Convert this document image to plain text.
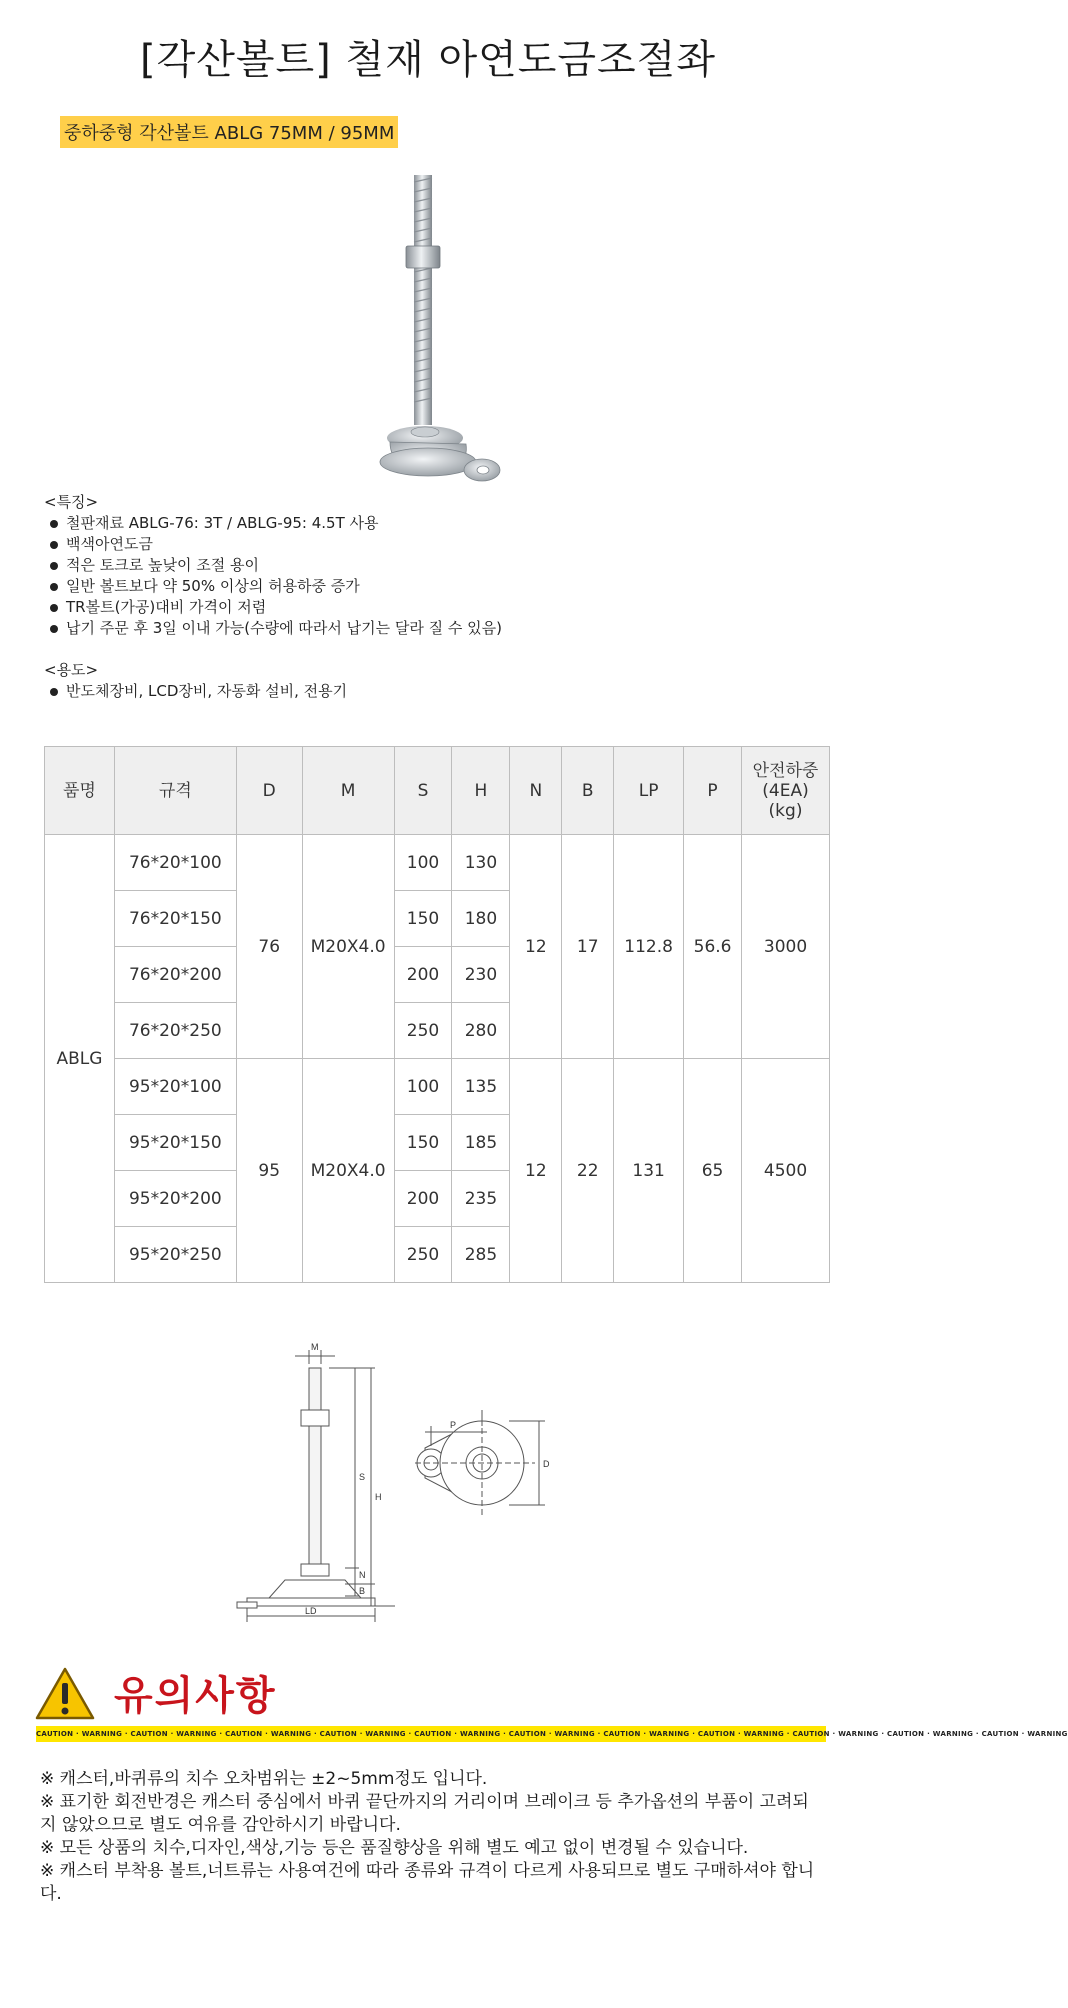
[각산볼트] 철재 아연도금조절좌
중하중형 각산볼트 ABLG 75MM / 95MM
<특징>
철판재료 ABLG-76: 3T / ABLG-95: 4.5T 사용
백색아연도금
적은 토크로 높낮이 조절 용이
일반 볼트보다 약 50% 이상의 허용하중 증가
TR볼트(가공)대비 가격이 저렴
납기 주문 후 3일 이내 가능(수량에 따라서 납기는 달라 질 수 있음)
<용도>
반도체장비, LCD장비, 자동화 설비, 전용기
품명	규격	D	M	S	H	N	B	LP	P	안전하중(4EA)(kg)
ABLG	76*20*100	76	M20X4.0	100	130	12	17	112.8	56.6	3000
	76*20*150			150	180					
	76*20*200			200	230					
	76*20*250			250	280					
	95*20*100	95	M20X4.0	100	135	12	22	131	65	4500
	95*20*150			150	185					
	95*20*200			200	235					
	95*20*250			250	285					
M
S
H
N
B
LD
P
D
유의사항
CAUTION · WARNING · CAUTION · WARNING · CAUTION · WARNING · CAUTION · WARNING · CAUTION · WARNING · CAUTION · WARNING · CAUTION · WARNING · CAUTION · WARNING · CAUTION · WARNING · CAUTION · WARNING · CAUTION · WARNING

※ 캐스터,바퀴류의 치수 오차범위는 ±2~5mm정도 입니다.

※ 표기한 회전반경은 캐스터 중심에서 바퀴 끝단까지의 거리이며 브레이크 등 추가옵션의 부품이 고려되지 않았으므로 별도 여유를 감안하시기 바랍니다.

※ 모든 상품의 치수,디자인,색상,기능 등은 품질향상을 위해 별도 예고 없이 변경될 수 있습니다.

※ 캐스터 부착용 볼트,너트류는 사용여건에 따라 종류와 규격이 다르게 사용되므로 별도 구매하셔야 합니다.
